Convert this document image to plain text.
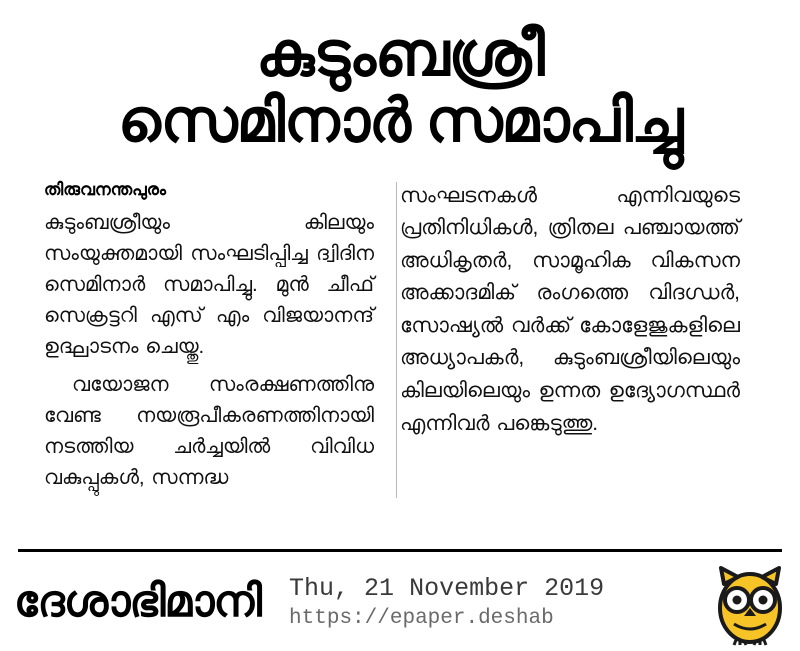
കുടുംബശ്രീ
സെമിനാർ സമാപിച്ചു
തിരുവനന്തപുരം

കുടുംബശ്രീയും കിലയും സംയുക്തമായി സംഘടിപ്പിച്ച ദ്വിദിന സെമിനാർ സമാപിച്ചു. മുൻ ചീഫ് സെക്രട്ടറി എസ് എം വിജയാനന്ദ് ഉദ്ഘാടനം ചെയ്തു.

വയോജന സംരക്ഷണത്തിനു വേണ്ട നയരൂപീകരണത്തിനായി നടത്തിയ ചർച്ചയിൽ വിവിധ വകുപ്പുകൾ, സന്നദ്ധ

സംഘടനകൾ എന്നിവയുടെ പ്രതിനിധികൾ, ത്രിതല പഞ്ചായത്ത് അധികൃതർ, സാമൂഹിക വികസന അക്കാദമിക് രംഗത്തെ വിദഗ്ധർ, സോഷ്യൽ വർക്ക് കോളേജുകളിലെ അധ്യാപകർ, കുടുംബശ്രീയിലെയും കിലയിലെയും ഉന്നത ഉദ്യോഗസ്ഥർ എന്നിവർ പങ്കെടുത്തു.

ദേശാഭിമാനി	Thu, 21 November 2019
https://epaper.deshab
